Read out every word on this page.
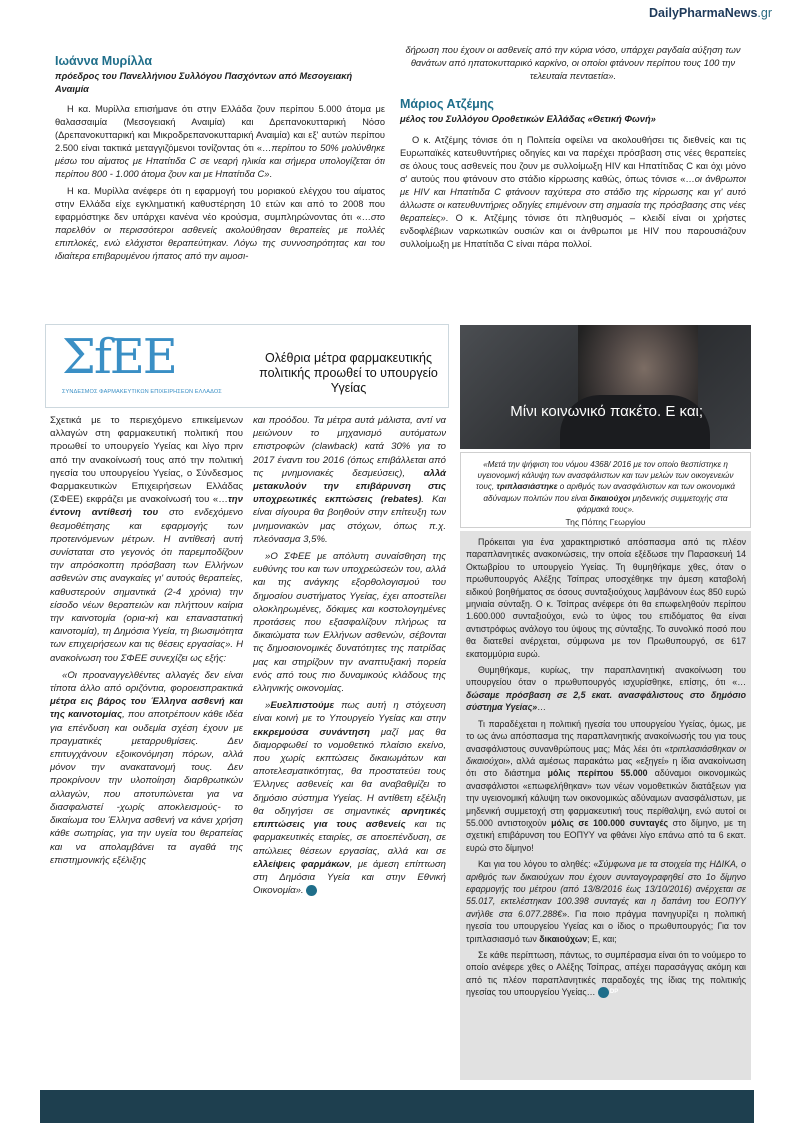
DailyPharmaNews.gr
Ιωάννα Μυρίλλα
πρόεδρος του Πανελλήνιου Συλλόγου Πασχόντων από Μεσογειακή Αναιμία

Η κα. Μυρίλλα επισήμανε ότι στην Ελλάδα ζουν περίπου 5.000 άτομα με θαλασσαιμία (Μεσογειακή Αναιμία) και Δρεπανοκυτταρική Νόσο (Δρεπανοκυτταρική και Μικροδρεπανοκυτταρική Αναιμία) και εξ' αυτών περίπου 2.500 είναι τακτικά μεταγγιζόμενοι τονίζοντας ότι «…περίπου το 50% μολύνθηκε μέσω του αίματος με Ηπατίτιδα C σε νεαρή ηλικία και σήμερα υπολογίζεται ότι περίπου 800 - 1.000 άτομα ζουν και με Ηπατίτιδα C».

Η κα. Μυρίλλα ανέφερε ότι η εφαρμογή του μοριακού ελέγχου του αίματος στην Ελλάδα είχε εγκληματική καθυστέρηση 10 ετών και από το 2008 που εφαρμόστηκε δεν υπάρχει κανένα νέο κρούσμα, συμπληρώνοντας ότι «…στο παρελθόν οι περισσότεροι ασθενείς ακολούθησαν θεραπείες με πολλές επιπλοκές, ενώ ελάχιστοι θεραπεύτηκαν. Λόγω της συννοσηρότητας και του ιδιαίτερα επιβαρυμένου ήπατος από την αιμοσι-

δήρωση που έχουν οι ασθενείς από την κύρια νόσο, υπάρχει ραγδαία αύξηση των θανάτων από ηπατοκυτταρικό καρκίνο, οι οποίοι φτάνουν περίπου τους 100 την τελευταία πενταετία».

Μάριος Ατζέμης
μέλος του Συλλόγου Οροθετικών Ελλάδας «Θετική Φωνή»

Ο κ. Ατζέμης τόνισε ότι η Πολιτεία οφείλει να ακολουθήσει τις διεθνείς και τις Ευρωπαϊκές κατευθυντήριες οδηγίες και να παρέχει πρόσβαση στις νέες θεραπείες σε όλους τους ασθενείς που ζουν με συλλοίμωξη HIV και Ηπατίτιδας C και όχι μόνο σ' αυτούς που φτάνουν στο στάδιο κίρρωσης καθώς, όπως τόνισε «…οι άνθρωποι με HIV και Ηπατίτιδα C φτάνουν ταχύτερα στο στάδιο της κίρρωσης και γι' αυτό άλλωστε οι κατευθυντήριες οδηγίες επιμένουν στη σημασία της πρόσβασης στις νέες θεραπείες». Ο κ. Ατζέμης τόνισε ότι πληθυσμός – κλειδί είναι οι χρήστες ενδοφλέβιων ναρκωτικών ουσιών και οι άνθρωποι με HIV που παρουσιάζουν συλλοίμωξη με Ηπατίτιδα C είναι πάρα πολλοί.

ΣfΕΕ
ΣΥΝΔΕΣΜΟΣ ΦΑΡΜΑΚΕΥΤΙΚΩΝ ΕΠΙΧΕΙΡΗΣΕΩΝ ΕΛΛΑΔΟΣ
Ολέθρια μέτρα φαρμακευτικής πολιτικής προωθεί το υπουργείο Υγείας

Σχετικά με το περιεχόμενο επικείμενων αλλαγών στη φαρμακευτική πολιτική που προωθεί το υπουργείο Υγείας και λίγο πριν από την ανακοίνωσή τους από την πολιτική ηγεσία του υπουργείου Υγείας, ο Σύνδεσμος Φαρμακευτικών Επιχειρήσεων Ελλάδας (ΣΦΕΕ) εκφράζει με ανακοίνωσή του «…την έντονη αντίθεσή του στο ενδεχόμενο θεσμοθέτησης και εφαρμογής των προτεινόμενων μέτρων. Η αντίθεσή αυτή συνίσταται στο γεγονός ότι παρεμποδίζουν την απρόσκοπτη πρόσβαση των Ελλήνων ασθενών στις αναγκαίες γι' αυτούς θεραπείες, καθυστερούν σημαντικά (2-4 χρόνια) την είσοδο νέων θεραπειών και πλήττουν καίρια την καινοτομία (ορια-κή και επαναστατική καινοτομία), τη Δημόσια Υγεία, τη βιωσιμότητα των επιχειρήσεων και τις θέσεις εργασίας». Η ανακοίνωση του ΣΦΕΕ συνεχίζει ως εξής:

«Οι προαναγγελθέντες αλλαγές δεν είναι τίποτα άλλο από οριζόντια, φοροεισπρακτικά μέτρα εις βάρος του Έλληνα ασθενή και της καινοτομίας, που αποτρέπουν κάθε ιδέα για επένδυση και ουδεμία σχέση έχουν με πραγματικές μεταρρυθμίσεις. Δεν επιτυγχάνουν εξοικονόμηση πόρων, αλλά μόνον την ανακατανομή τους. Δεν προκρίνουν την υλοποίηση διαρθρωτικών αλλαγών, που αποτυπώνεται για να διασφαλιστεί -χωρίς αποκλεισμούς- το δικαίωμα του Έλληνα ασθενή να κάνει χρήση κάθε σωτηρίας, για την υγεία του θεραπείας και να απολαμβάνει τα αγαθά της επιστημονικής εξέλιξης

και προόδου. Τα μέτρα αυτά μάλιστα, αντί να μειώνουν το μηχανισμό αυτόματων επιστροφών (clawback) κατά 30% για το 2017 έναντι του 2016 (όπως επιβάλλεται από τις μνημονιακές δεσμεύσεις), αλλά μετακυλούν την επιβάρυνση στις υποχρεωτικές εκπτώσεις (rebates). Και είναι σίγουρα θα βοηθούν στην επίτευξη των μνημονιακών μας στόχων, όπως π.χ. πλεόνασμα 3,5%.

»Ο ΣΦΕΕ με απόλυτη συναίσθηση της ευθύνης του και των υποχρεώσεών του, αλλά και της ανάγκης εξορθολογισμού του δημοσίου συστήματος Υγείας, έχει αποστείλει ολοκληρωμένες, δόκιμες και κοστολογημένες προτάσεις που εξασφαλίζουν πλήρως τα δικαιώματα των Ελλήνων ασθενών, σέβονται τις δημοσιονομικές δυνατότητες της πατρίδας μας και στηρίζουν την αναπτυξιακή πορεία ενός από τους πιο δυναμικούς κλάδους της ελληνικής οικονομίας.

»Ευελπιστούμε πως αυτή η στόχευση είναι κοινή με το Υπουργείο Υγείας και στην εκκρεμούσα συνάντηση μαζί μας θα διαμορφωθεί το νομοθετικό πλαίσιο εκείνο, που χωρίς εκπτώσεις δικαιωμάτων και αποτελεσματικότητας, θα προστατεύει τους Έλληνες ασθενείς και θα αναβαθμίζει το δημόσιο σύστημα Υγείας. Η αντίθετη εξέλιξη θα οδηγήσει σε σημαντικές αρνητικές επιπτώσεις για τους ασθενείς και τις φαρμακευτικές εταιρίες, σε αποεπένδυση, σε απώλειες θέσεων εργασίας, αλλά και σε ελλείψεις φαρμάκων, με άμεση επίπτωση στη Δημόσια Υγεία και στην Εθνική Οικονομία». DP

Μίνι κοινωνικό πακέτο. Ε και;

«Μετά την ψήφιση του νόμου 4368/ 2016 με τον οποίο θεσπίστηκε η υγειονομική κάλυψη των ανασφάλιστων και των μελών των οικογενειών τους, τριπλασιάστηκε ο αριθμός των ανασφάλιστων και των οικονομικά αδύναμων πολιτών που είναι δικαιούχοι μηδενικής συμμετοχής στα φάρμακά τους».

Της Πόπης Γεωργίου

Πρόκειται για ένα χαρακτηριστικό απόσπασμα από τις πλέον παραπλανητικές ανακοινώσεις, την οποία εξέδωσε την Παρασκευή 14 Οκτωβρίου το υπουργείο Υγείας. Τη θυμηθήκαμε χθες, όταν ο πρωθυπουργός Αλέξης Τσίπρας υποσχέθηκε την άμεση καταβολή ειδικού βοηθήματος σε όσους συνταξιούχους λαμβάνουν έως 850 ευρώ μηνιαία σύνταξη. Ο κ. Τσίπρας ανέφερε ότι θα επωφεληθούν περίπου 1.600.000 συνταξιούχοι, ενώ το ύψος του επιδόματος θα είναι αντιστρόφως ανάλογο του ύψους της σύνταξης. Το συνολικό ποσό που θα διατεθεί ανέρχεται, σύμφωνα με τον Πρωθυπουργό, σε 617 εκατομμύρια ευρώ.

Θυμηθήκαμε, κυρίως, την παραπλανητική ανακοίνωση του υπουργείου όταν ο πρωθυπουργός ισχυρίσθηκε, επίσης, ότι «…δώσαμε πρόσβαση σε 2,5 εκατ. ανασφάλιστους στο δημόσιο σύστημα Υγείας»…

Τι παραδέχεται η πολιτική ηγεσία του υπουργείου Υγείας, όμως, με το ως άνω απόσπασμα της παραπλανητικής ανακοίνωσής του για τους ανασφάλιστους συνανθρώπους μας; Μάς λέει ότι «τριπλασιάσθηκαν οι δικαιούχοι», αλλά αμέσως παρακάτω μας «εξηγεί» η ίδια ανακοίνωση ότι στο διάστημα μόλις περίπου 55.000 αδύναμοι οικονομικώς ανασφάλιστοι «επωφελήθηκαν» των νέων νομοθετικών διατάξεων για την υγειονομική κάλυψη των οικονομικώς αδύναμων ανασφάλιστων, με μηδενική συμμετοχή στη φαρμακευτική τους περίθαλψη, ενώ αυτοί οι 55.000 αντιστοιχούν μόλις σε 100.000 συνταγές στο δίμηνο, με τη σχετική επιβάρυνση του ΕΟΠΥΥ να φθάνει λίγο επάνω από τα 6 εκατ. ευρώ στο δίμηνο!

Και για του λόγου το αληθές: «Σύμφωνα με τα στοιχεία της ΗΔΙΚΑ, ο αριθμός των δικαιούχων που έχουν συνταγογραφηθεί στο 1ο δίμηνο εφαρμογής του μέτρου (από 13/8/2016 έως 13/10/2016) ανέρχεται σε 55.017, εκτελέστηκαν 100.398 συνταγές και η δαπάνη του ΕΟΠΥΥ ανήλθε στα 6.077.288€». Για ποιο πράγμα πανηγυρίζει η πολιτική ηγεσία του υπουργείου Υγείας και ο ίδιος ο πρωθυπουργός; Για τον τριπλασιασμό των δικαιούχων; Ε, και;

Σε κάθε περίπτωση, πάντως, το συμπέρασμα είναι ότι το νούμερο το οποίο ανέφερε χθες ο Αλέξης Τσίπρας, απέχει παρασάγγας ακόμη και από τις πλέον παραπλανητικές παραδοχές της ίδιας της πολιτικής ηγεσίας του υπουργείου Υγείας… DP
